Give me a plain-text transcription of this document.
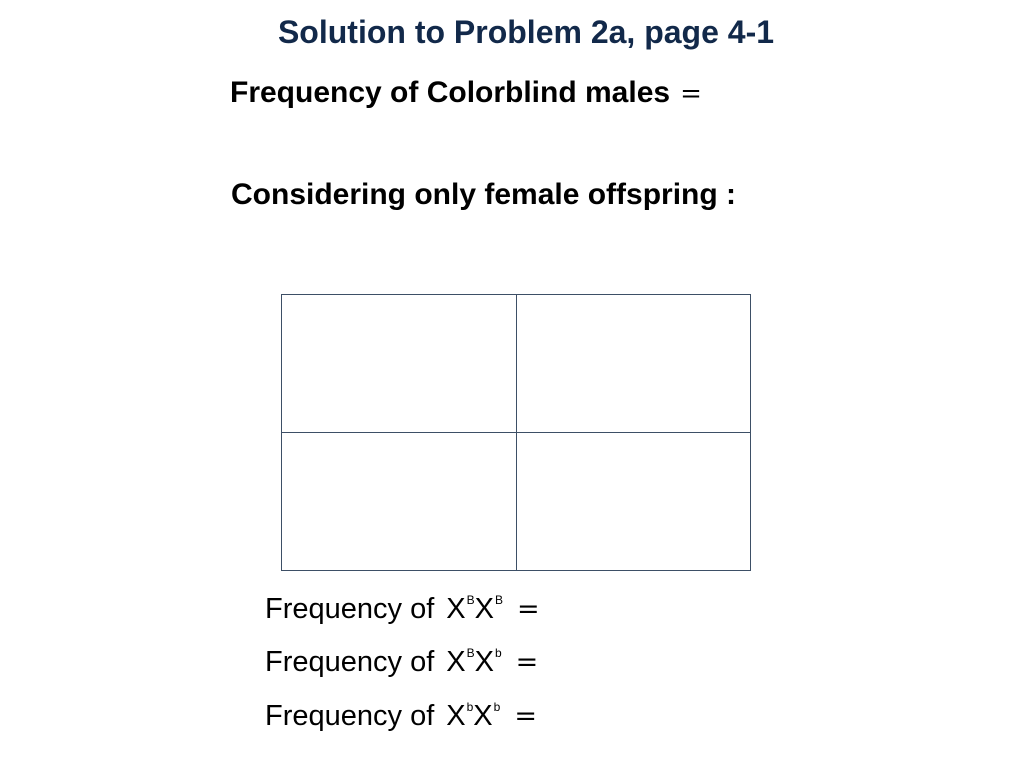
Solution to Problem 2a, page 4-1
Frequency of Colorblind males =
Considering only female offspring :

Frequency of $X^BX^B$ =
Frequency of $X^BX^b$ =
Frequency of $X^bX^b$ =
